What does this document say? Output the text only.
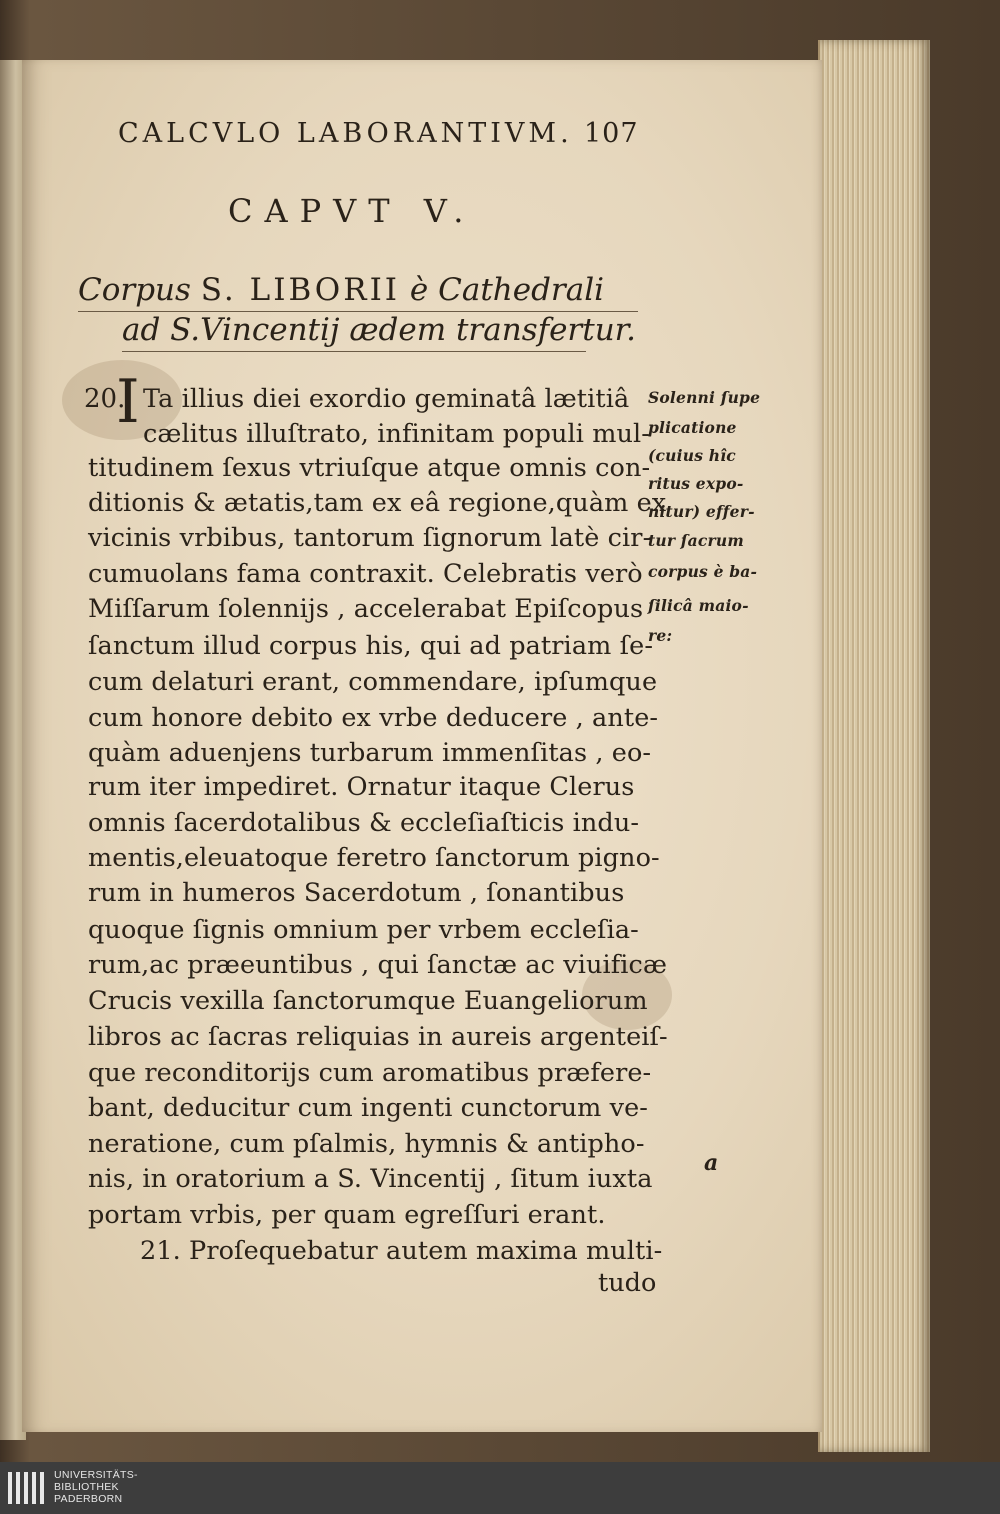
CALCVLO LABORANTIVM. 107
CAPVT V.
Corpus S. LIBORII è Cathedrali
ad S.Vincentij ædem transfertur.
20.
I Ta illius diei exordio geminatâ lætitiâ
cælitus illuſtrato, infinitam populi mul-
titudinem ſexus vtriuſque atque omnis con-
ditionis & ætatis,tam ex eâ regione,quàm ex
vicinis vrbibus, tantorum ſignorum latè cir-
cumuolans fama contraxit. Celebratis verò
Miſſarum ſolennijs , accelerabat Epiſcopus
ſanctum illud corpus his, qui ad patriam ſe-
cum delaturi erant, commendare, ipſumque
cum honore debito ex vrbe deducere , ante-
quàm aduenjens turbarum immenſitas , eo-
rum iter impediret. Ornatur itaque Clerus
omnis ſacerdotalibus & eccleſiaſticis indu-
mentis,eleuatoque feretro ſanctorum pigno-
rum in humeros Sacerdotum , ſonantibus
quoque ſignis omnium per vrbem eccleſia-
rum,ac præeuntibus , qui ſanctæ ac viuificæ
Crucis vexilla ſanctorumque Euangeliorum
libros ac ſacras reliquias in aureis argenteiſ-
que reconditorijs cum aromatibus præfere-
bant, deducitur cum ingenti cunctorum ve-
neratione, cum pſalmis, hymnis & antipho-
nis, in oratorium a S. Vincentij , ſitum iuxta
portam vrbis, per quam egreſſuri erant.
21. Proſequebatur autem maxima multi-
tudo
Solenni ſupe
plicatione
(cuius hîc
ritus expo-
nitur) effer-
tur ſacrum
corpus è ba-
ſilicâ maio-
re:
a
UNIVERSITÄTS-
BIBLIOTHEK
PADERBORN
